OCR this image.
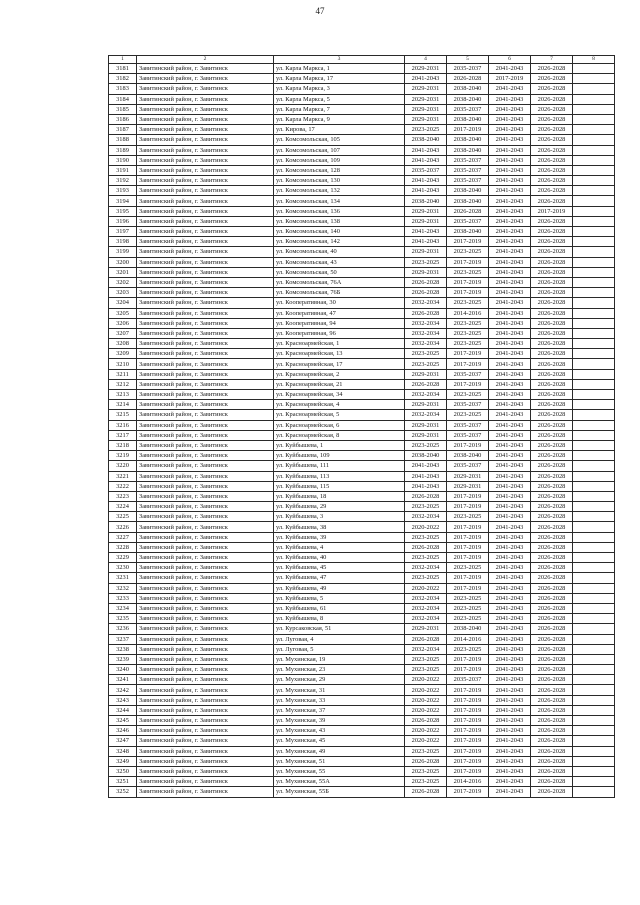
47
1	2	3	4	5	6	7	8
3181	Завитинский район, г. Завитинск	ул. Карла Маркса, 1	2029-2031	2035-2037	2041-2043	2026-2028	
3182	Завитинский район, г. Завитинск	ул. Карла Маркса, 17	2041-2043	2026-2028	2017-2019	2026-2028	
3183	Завитинский район, г. Завитинск	ул. Карла Маркса, 3	2029-2031	2038-2040	2041-2043	2026-2028	
3184	Завитинский район, г. Завитинск	ул. Карла Маркса, 5	2029-2031	2038-2040	2041-2043	2026-2028	
3185	Завитинский район, г. Завитинск	ул. Карла Маркса, 7	2029-2031	2035-2037	2041-2043	2026-2028	
3186	Завитинский район, г. Завитинск	ул. Карла Маркса, 9	2029-2031	2038-2040	2041-2043	2026-2028	
3187	Завитинский район, г. Завитинск	ул. Кирова, 17	2023-2025	2017-2019	2041-2043	2026-2028	
3188	Завитинский район, г. Завитинск	ул. Комсомольская, 105	2038-2040	2038-2040	2041-2043	2026-2028	
3189	Завитинский район, г. Завитинск	ул. Комсомольская, 107	2041-2043	2038-2040	2041-2043	2026-2028	
3190	Завитинский район, г. Завитинск	ул. Комсомольская, 109	2041-2043	2035-2037	2041-2043	2026-2028	
3191	Завитинский район, г. Завитинск	ул. Комсомольская, 128	2035-2037	2035-2037	2041-2043	2026-2028	
3192	Завитинский район, г. Завитинск	ул. Комсомольская, 130	2041-2043	2035-2037	2041-2043	2026-2028	
3193	Завитинский район, г. Завитинск	ул. Комсомольская, 132	2041-2043	2038-2040	2041-2043	2026-2028	
3194	Завитинский район, г. Завитинск	ул. Комсомольская, 134	2038-2040	2038-2040	2041-2043	2026-2028	
3195	Завитинский район, г. Завитинск	ул. Комсомольская, 136	2029-2031	2026-2028	2041-2043	2017-2019	
3196	Завитинский район, г. Завитинск	ул. Комсомольская, 138	2029-2031	2035-2037	2041-2043	2026-2028	
3197	Завитинский район, г. Завитинск	ул. Комсомольская, 140	2041-2043	2038-2040	2041-2043	2026-2028	
3198	Завитинский район, г. Завитинск	ул. Комсомольская, 142	2041-2043	2017-2019	2041-2043	2026-2028	
3199	Завитинский район, г. Завитинск	ул. Комсомольская, 40	2029-2031	2023-2025	2041-2043	2026-2028	
3200	Завитинский район, г. Завитинск	ул. Комсомольская, 43	2023-2025	2017-2019	2041-2043	2026-2028	
3201	Завитинский район, г. Завитинск	ул. Комсомольская, 50	2029-2031	2023-2025	2041-2043	2026-2028	
3202	Завитинский район, г. Завитинск	ул. Комсомольская, 76А	2026-2028	2017-2019	2041-2043	2026-2028	
3203	Завитинский район, г. Завитинск	ул. Комсомольская, 76Б	2026-2028	2017-2019	2041-2043	2026-2028	
3204	Завитинский район, г. Завитинск	ул. Кооперативная, 30	2032-2034	2023-2025	2041-2043	2026-2028	
3205	Завитинский район, г. Завитинск	ул. Кооперативная, 47	2026-2028	2014-2016	2041-2043	2026-2028	
3206	Завитинский район, г. Завитинск	ул. Кооперативная, 94	2032-2034	2023-2025	2041-2043	2026-2028	
3207	Завитинский район, г. Завитинск	ул. Кооперативная, 96	2032-2034	2023-2025	2041-2043	2026-2028	
3208	Завитинский район, г. Завитинск	ул. Красноармейская, 1	2032-2034	2023-2025	2041-2043	2026-2028	
3209	Завитинский район, г. Завитинск	ул. Красноармейская, 13	2023-2025	2017-2019	2041-2043	2026-2028	
3210	Завитинский район, г. Завитинск	ул. Красноармейская, 17	2023-2025	2017-2019	2041-2043	2026-2028	
3211	Завитинский район, г. Завитинск	ул. Красноармейская, 2	2029-2031	2035-2037	2041-2043	2026-2028	
3212	Завитинский район, г. Завитинск	ул. Красноармейская, 21	2026-2028	2017-2019	2041-2043	2026-2028	
3213	Завитинский район, г. Завитинск	ул. Красноармейская, 34	2032-2034	2023-2025	2041-2043	2026-2028	
3214	Завитинский район, г. Завитинск	ул. Красноармейская, 4	2029-2031	2035-2037	2041-2043	2026-2028	
3215	Завитинский район, г. Завитинск	ул. Красноармейская, 5	2032-2034	2023-2025	2041-2043	2026-2028	
3216	Завитинский район, г. Завитинск	ул. Красноармейская, 6	2029-2031	2035-2037	2041-2043	2026-2028	
3217	Завитинский район, г. Завитинск	ул. Красноармейская, 8	2029-2031	2035-2037	2041-2043	2026-2028	
3218	Завитинский район, г. Завитинск	ул. Куйбышева, 1	2023-2025	2017-2019	2041-2043	2026-2028	
3219	Завитинский район, г. Завитинск	ул. Куйбышева, 109	2038-2040	2038-2040	2041-2043	2026-2028	
3220	Завитинский район, г. Завитинск	ул. Куйбышева, 111	2041-2043	2035-2037	2041-2043	2026-2028	
3221	Завитинский район, г. Завитинск	ул. Куйбышева, 113	2041-2043	2029-2031	2041-2043	2026-2028	
3222	Завитинский район, г. Завитинск	ул. Куйбышева, 115	2041-2043	2029-2031	2041-2043	2026-2028	
3223	Завитинский район, г. Завитинск	ул. Куйбышева, 18	2026-2028	2017-2019	2041-2043	2026-2028	
3224	Завитинский район, г. Завитинск	ул. Куйбышева, 29	2023-2025	2017-2019	2041-2043	2026-2028	
3225	Завитинский район, г. Завитинск	ул. Куйбышева, 3	2032-2034	2023-2025	2041-2043	2026-2028	
3226	Завитинский район, г. Завитинск	ул. Куйбышева, 38	2020-2022	2017-2019	2041-2043	2026-2028	
3227	Завитинский район, г. Завитинск	ул. Куйбышева, 39	2023-2025	2017-2019	2041-2043	2026-2028	
3228	Завитинский район, г. Завитинск	ул. Куйбышева, 4	2026-2028	2017-2019	2041-2043	2026-2028	
3229	Завитинский район, г. Завитинск	ул. Куйбышева, 40	2023-2025	2017-2019	2041-2043	2026-2028	
3230	Завитинский район, г. Завитинск	ул. Куйбышева, 45	2032-2034	2023-2025	2041-2043	2026-2028	
3231	Завитинский район, г. Завитинск	ул. Куйбышева, 47	2023-2025	2017-2019	2041-2043	2026-2028	
3232	Завитинский район, г. Завитинск	ул. Куйбышева, 49	2020-2022	2017-2019	2041-2043	2026-2028	
3233	Завитинский район, г. Завитинск	ул. Куйбышева, 5	2032-2034	2023-2025	2041-2043	2026-2028	
3234	Завитинский район, г. Завитинск	ул. Куйбышева, 61	2032-2034	2023-2025	2041-2043	2026-2028	
3235	Завитинский район, г. Завитинск	ул. Куйбышева, 8	2032-2034	2023-2025	2041-2043	2026-2028	
3236	Завитинский район, г. Завитинск	ул. Курсаковская, 51	2029-2031	2038-2040	2041-2043	2026-2028	
3237	Завитинский район, г. Завитинск	ул. Луговая, 4	2026-2028	2014-2016	2041-2043	2026-2028	
3238	Завитинский район, г. Завитинск	ул. Луговая, 5	2032-2034	2023-2025	2041-2043	2026-2028	
3239	Завитинский район, г. Завитинск	ул. Мухинская, 19	2023-2025	2017-2019	2041-2043	2026-2028	
3240	Завитинский район, г. Завитинск	ул. Мухинская, 23	2023-2025	2017-2019	2041-2043	2026-2028	
3241	Завитинский район, г. Завитинск	ул. Мухинская, 29	2020-2022	2035-2037	2041-2043	2026-2028	
3242	Завитинский район, г. Завитинск	ул. Мухинская, 31	2020-2022	2017-2019	2041-2043	2026-2028	
3243	Завитинский район, г. Завитинск	ул. Мухинская, 33	2020-2022	2017-2019	2041-2043	2026-2028	
3244	Завитинский район, г. Завитинск	ул. Мухинская, 37	2020-2022	2017-2019	2041-2043	2026-2028	
3245	Завитинский район, г. Завитинск	ул. Мухинская, 39	2026-2028	2017-2019	2041-2043	2026-2028	
3246	Завитинский район, г. Завитинск	ул. Мухинская, 43	2020-2022	2017-2019	2041-2043	2026-2028	
3247	Завитинский район, г. Завитинск	ул. Мухинская, 45	2020-2022	2017-2019	2041-2043	2026-2028	
3248	Завитинский район, г. Завитинск	ул. Мухинская, 49	2023-2025	2017-2019	2041-2043	2026-2028	
3249	Завитинский район, г. Завитинск	ул. Мухинская, 51	2026-2028	2017-2019	2041-2043	2026-2028	
3250	Завитинский район, г. Завитинск	ул. Мухинская, 55	2023-2025	2017-2019	2041-2043	2026-2028	
3251	Завитинский район, г. Завитинск	ул. Мухинская, 55А	2023-2025	2014-2016	2041-2043	2026-2028	
3252	Завитинский район, г. Завитинск	ул. Мухинская, 55Б	2026-2028	2017-2019	2041-2043	2026-2028	
